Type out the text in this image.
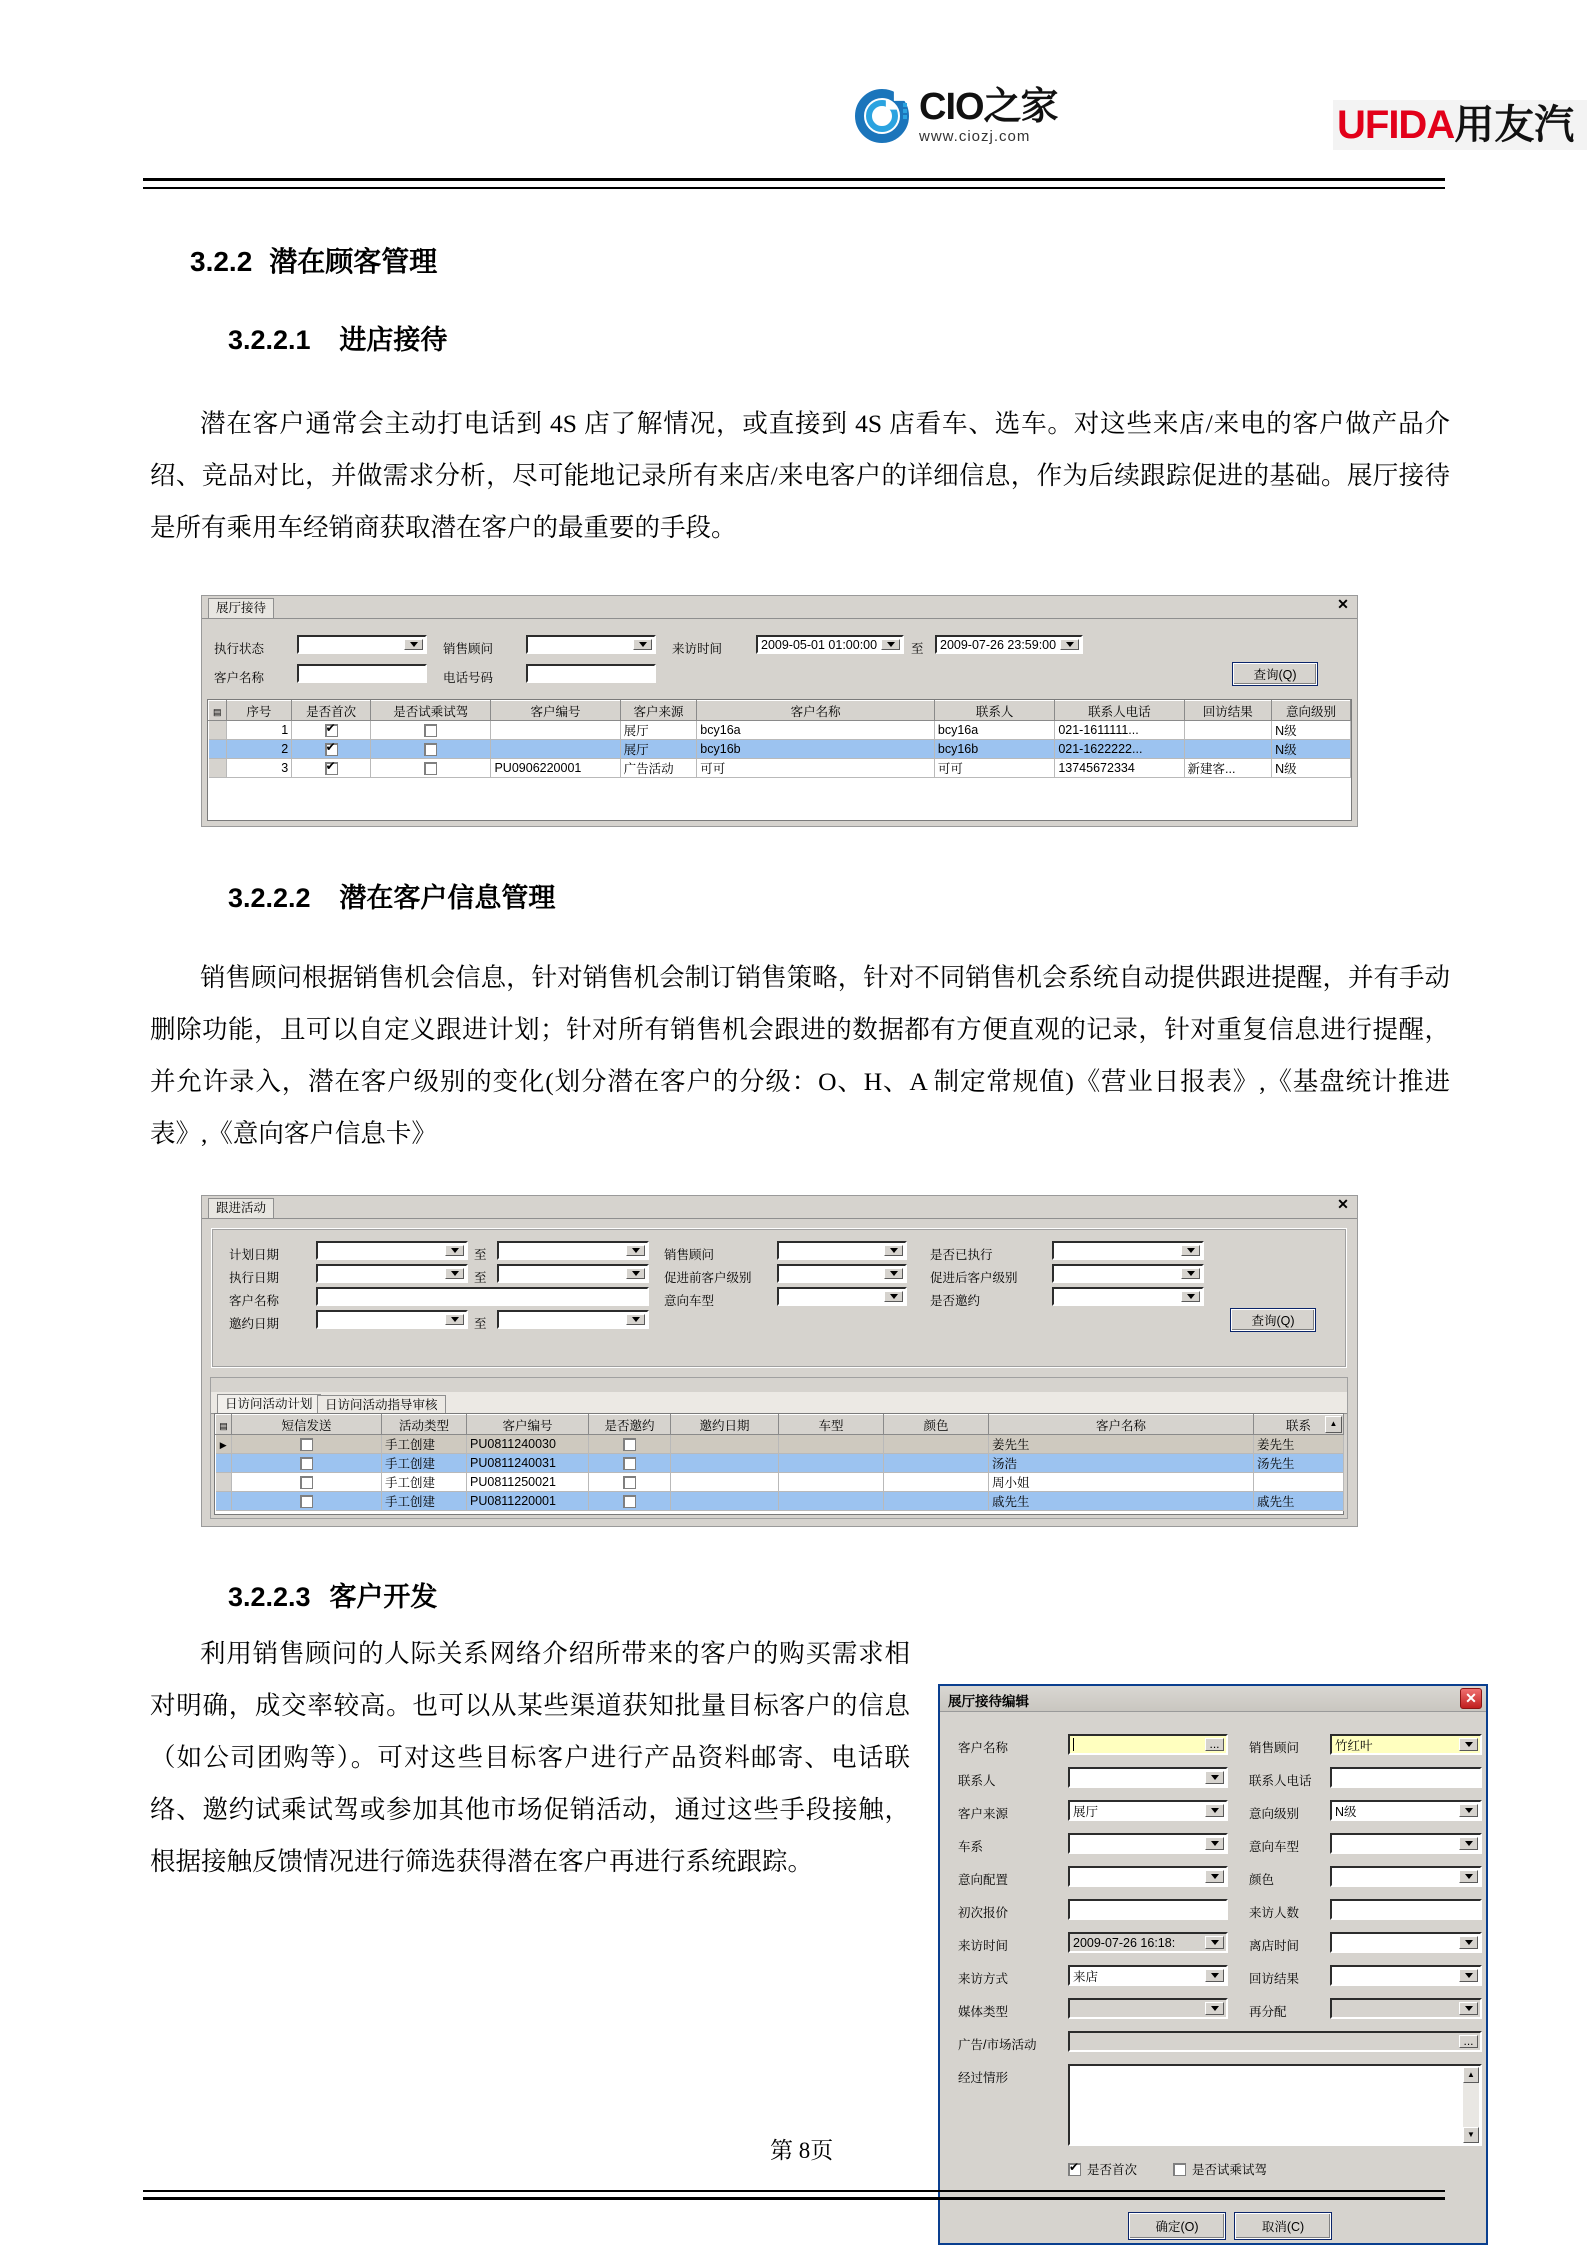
CIO之家
www.ciozj.com	UFIDA用友汽
3.2.2 潜在顾客管理
3.2.2.1 进店接待
潜在客户通常会主动打电话到 4S 店了解情况，或直接到 4S 店看车、选车。对这些来店/来电的客户做产品介绍、竞品对比，并做需求分析，尽可能地记录所有来店/来电客户的详细信息，作为后续跟踪促进的基础。展厅接待是所有乘用车经销商获取潜在客户的最重要的手段。
展厅接待	✕
执行状态	销售顾问	来访时间	2009-05-01 01:00:00	至 2009-07-26 23:59:00
客户名称	电话号码	查询(Q)
▤	序号	是否首次	是否试乘试驾	客户编号	客户来源	客户名称	联系人	联系人电话	回访结果	意向级别
	1	✔			展厅	bcy16a	bcy16a	021-1611111...		N级
	2	✔			展厅	bcy16b	bcy16b	021-1622222...		N级
	3	✔		PU0906220001	广告活动	可可	可可	13745672334	新建客...	N级
3.2.2.2 潜在客户信息管理
销售顾问根据销售机会信息，针对销售机会制订销售策略，针对不同销售机会系统自动提供跟进提醒，并有手动删除功能，且可以自定义跟进计划；针对所有销售机会跟进的数据都有方便直观的记录，针对重复信息进行提醒，并允许录入，潜在客户级别的变化(划分潜在客户的分级：O、H、A 制定常规值)《营业日报表》,《基盘统计推进表》,《意向客户信息卡》
跟进活动	✕
计划日期	至	销售顾问	是否已执行
执行日期	至	促进前客户级别	促进后客户级别
客户名称	意向车型	是否邀约
邀约日期	至	查询(Q)
日访问活动计划 日访问活动指导审核
▤	短信发送	活动类型	客户编号	是否邀约	邀约日期	车型	颜色	客户名称	联系 ▲

▶		手工创建	PU0811240030					姜先生	姜先生
		手工创建	PU0811240031					汤浩	汤先生
		手工创建	PU0811250021					周小姐	
		手工创建	PU0811220001					戚先生	戚先生
3.2.2.3 客户开发
利用销售顾问的人际关系网络介绍所带来的客户的购买需求相对明确，成交率较高。也可以从某些渠道获知批量目标客户的信息（如公司团购等）。可对这些目标客户进行产品资料邮寄、电话联络、邀约试乘试驾或参加其他市场促销活动，通过这些手段接触，根据接触反馈情况进行筛选获得潜在客户再进行系统跟踪。
展厅接待编辑	✕
客户名称	...	销售顾问	竹红叶
联系人	联系人电话
客户来源	展厅	意向级别	N级
车系	意向车型
意向配置	颜色
初次报价	来访人数
来访时间	2009-07-26 16:18:	离店时间
来访方式	来店	回访结果
媒体类型	再分配
广告/市场活动	...
经过情形	▲
▼
✔
是否首次	是否试乘试驾
确定(O)	取消(C)
第 8页
